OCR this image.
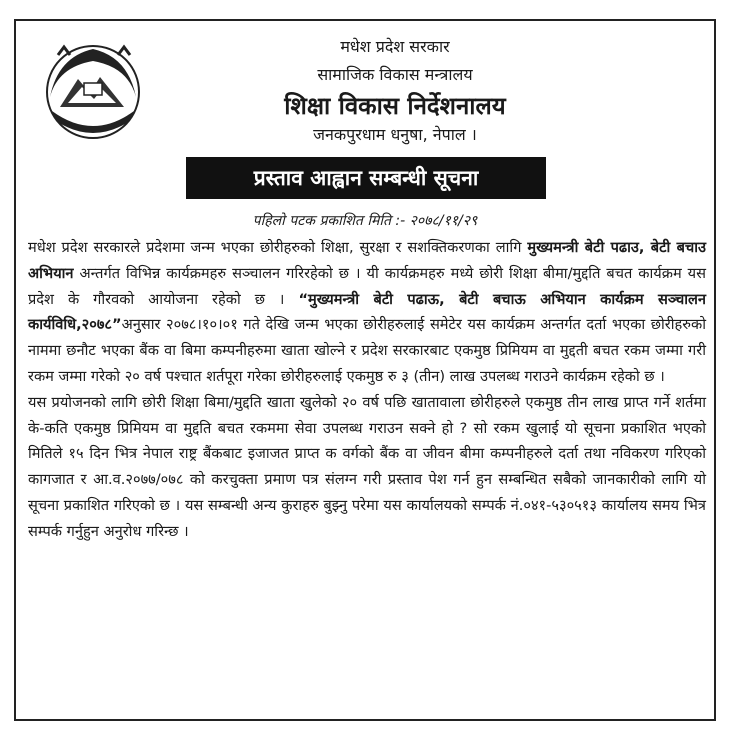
मधेश प्रदेश सरकार
सामाजिक विकास मन्त्रालय
शिक्षा विकास निर्देशनालय
जनकपुरधाम धनुषा, नेपाल ।
प्रस्ताव आह्वान सम्बन्धी सूचना
पहिलो पटक प्रकाशित मिति :- २०७८/११/२९

मधेश प्रदेश सरकारले प्रदेशमा जन्म भएका छोरीहरुको शिक्षा, सुरक्षा र सशक्तिकरणका लागि मुख्यमन्त्री बेटी पढाउ, बेटी बचाउ अभियान अन्तर्गत विभिन्न कार्यक्रमहरु सञ्चालन गरिरहेको छ । यी कार्यक्रमहरु मध्ये छोरी शिक्षा बीमा/मुद्दति बचत कार्यक्रम यस प्रदेश के गौरवको आयोजना रहेको छ । “मुख्यमन्त्री बेटी पढाऊ, बेटी बचाऊ अभियान कार्यक्रम सञ्चालन कार्यविधि,२०७८”अनुसार २०७८।१०।०१ गते देखि जन्म भएका छोरीहरुलाई समेटेर यस कार्यक्रम अन्तर्गत दर्ता भएका छोरीहरुको नाममा छनौट भएका बैंक वा बिमा कम्पनीहरुमा खाता खोल्ने र प्रदेश सरकारबाट एकमुष्ठ प्रिमियम वा मुद्दती बचत रकम जम्मा गरी रकम जम्मा गरेको २० वर्ष पश्चात शर्तपूरा गरेका छोरीहरुलाई एकमुष्ठ रु ३ (तीन) लाख उपलब्ध गराउने कार्यक्रम रहेको छ ।

यस प्रयोजनको लागि छोरी शिक्षा बिमा/मुद्दति खाता खुलेको २० वर्ष पछि खातावाला छोरीहरुले एकमुष्ठ तीन लाख प्राप्त गर्ने शर्तमा के-कति एकमुष्ठ प्रिमियम वा मुद्दति बचत रकममा सेवा उपलब्ध गराउन सक्ने हो ? सो रकम खुलाई यो सूचना प्रकाशित भएको मितिले १५ दिन भित्र नेपाल राष्ट्र बैंकबाट इजाजत प्राप्त क वर्गको बैंक वा जीवन बीमा कम्पनीहरुले दर्ता तथा नविकरण गरिएको कागजात र आ.व.२०७७/०७८ को करचुक्ता प्रमाण पत्र संलग्न गरी प्रस्ताव पेश गर्न हुन सम्बन्धित सबैको जानकारीको लागि यो सूचना प्रकाशित गरिएको छ । यस सम्बन्धी अन्य कुराहरु बुझ्नु परेमा यस कार्यालयको सम्पर्क नं.०४१-५३०५१३ कार्यालय समय भित्र सम्पर्क गर्नुहुन अनुरोध गरिन्छ ।
